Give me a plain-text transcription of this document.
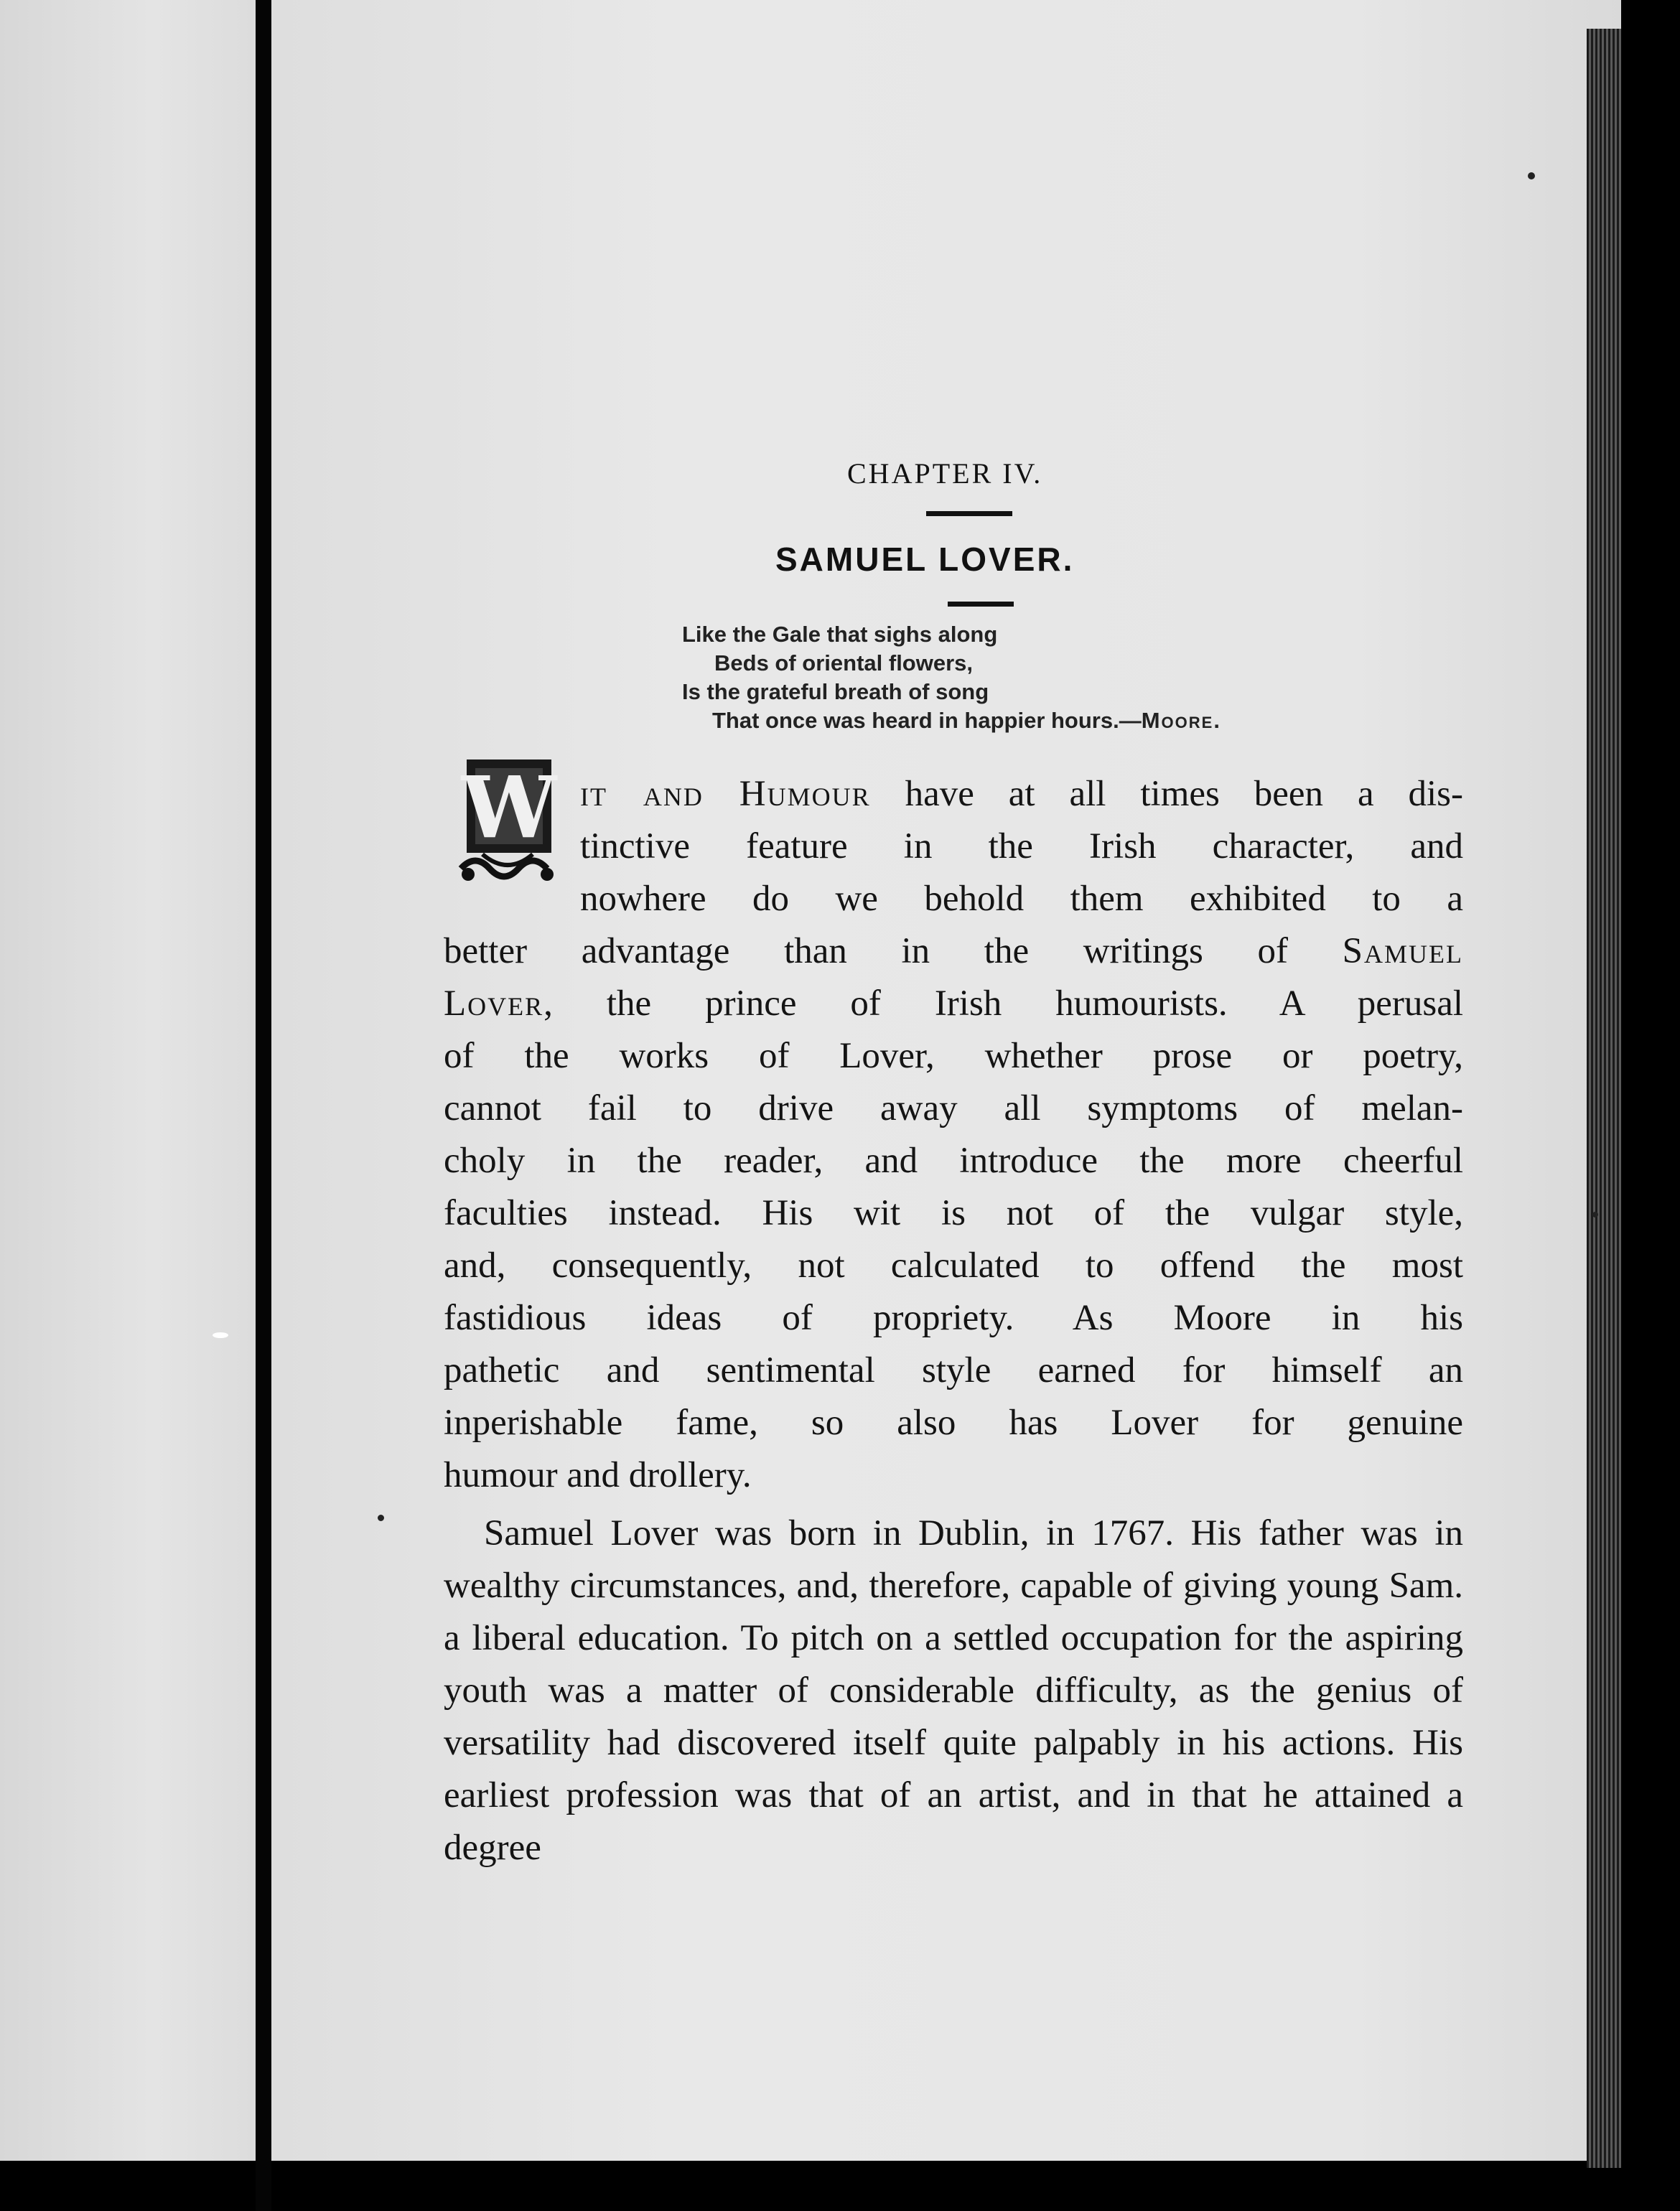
CHAPTER IV.
SAMUEL LOVER.
Like the Gale that sighs along
Beds of oriental flowers,
Is the grateful breath of song
That once was heard in happier hours.—Moore.
W it and Humour have at all times been a dis-
tinctive feature in the Irish character, and
nowhere do we behold them exhibited to a
better advantage than in the writings of Samuel
Lover, the prince of Irish humourists. A perusal
of the works of Lover, whether prose or poetry,
cannot fail to drive away all symptoms of melan-
choly in the reader, and introduce the more cheerful
faculties instead. His wit is not of the vulgar style,
and, consequently, not calculated to offend the most
fastidious ideas of propriety. As Moore in his
pathetic and sentimental style earned for himself an
inperishable fame, so also has Lover for genuine
humour and drollery.

Samuel Lover was born in Dublin, in 1767. His father was in wealthy circumstances, and, therefore, capable of giving young Sam. a liberal education. To pitch on a settled occupation for the aspiring youth was a matter of considerable difficulty, as the genius of versatility had discovered itself quite palpably in his actions. His earliest profession was that of an artist, and in that he attained a degree
